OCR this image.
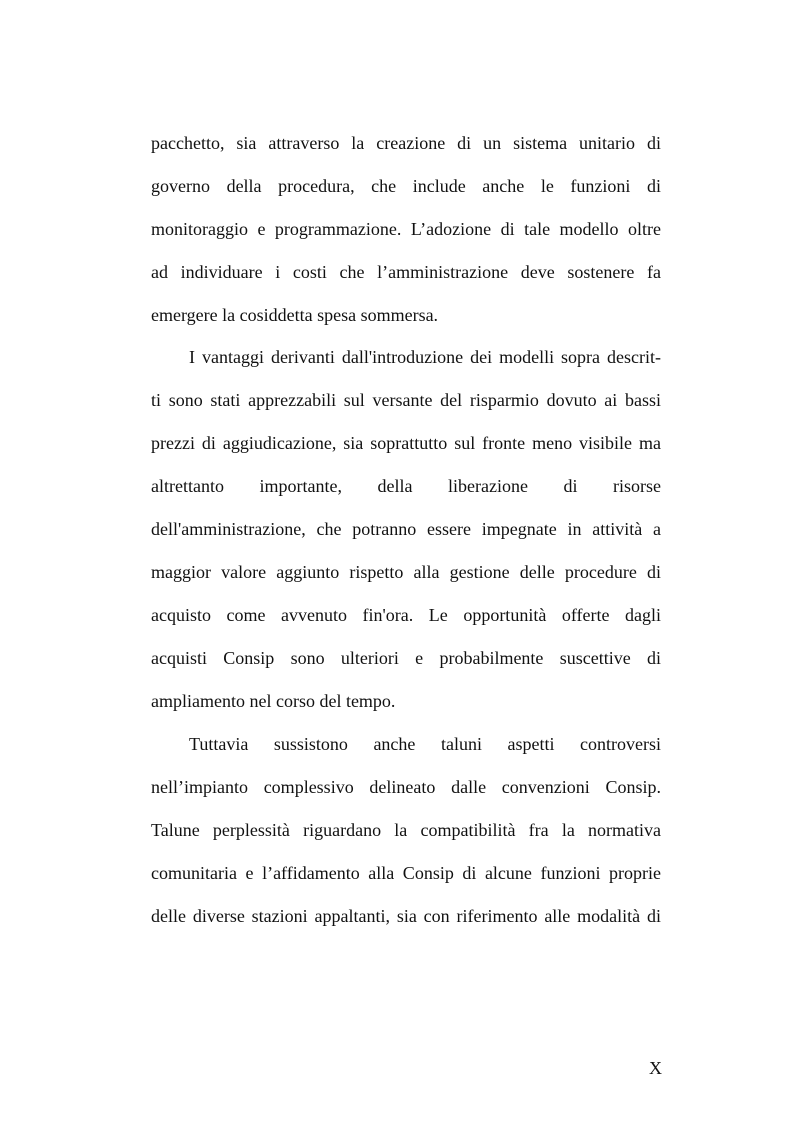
pacchetto, sia attraverso la creazione di un sistema unitario di
governo della procedura, che include anche le funzioni di
monitoraggio e programmazione. L’adozione di tale modello oltre
ad individuare i costi che l’amministrazione deve sostenere fa
emergere la cosiddetta spesa sommersa.
I vantaggi derivanti dall'introduzione dei modelli sopra descrit-
ti sono stati apprezzabili sul versante del risparmio dovuto ai bassi
prezzi di aggiudicazione, sia soprattutto sul fronte meno visibile ma
altrettanto importante, della liberazione di risorse
dell'amministrazione, che potranno essere impegnate in attività a
maggior valore aggiunto rispetto alla gestione delle procedure di
acquisto come avvenuto fin'ora. Le opportunità offerte dagli
acquisti Consip sono ulteriori e probabilmente suscettive di
ampliamento nel corso del tempo.
Tuttavia sussistono anche taluni aspetti controversi
nell’impianto complessivo delineato dalle convenzioni Consip.
Talune perplessità riguardano la compatibilità fra la normativa
comunitaria e l’affidamento alla Consip di alcune funzioni proprie
delle diverse stazioni appaltanti, sia con riferimento alle modalità di
X
